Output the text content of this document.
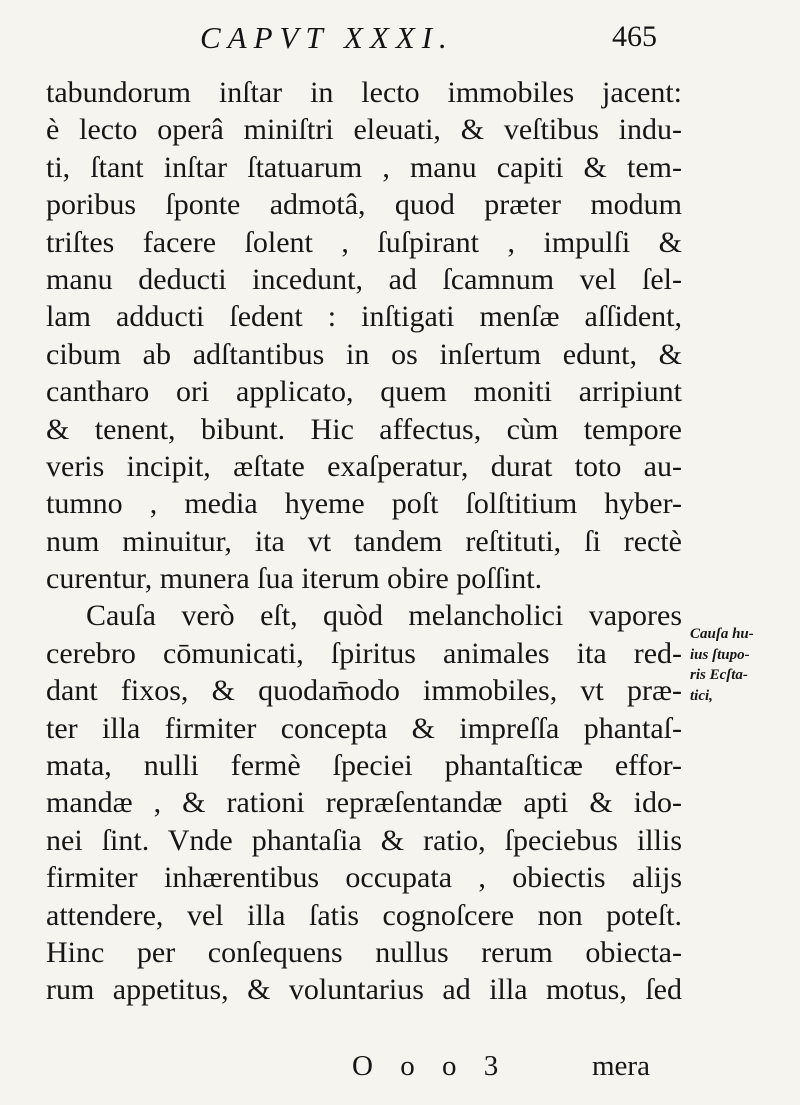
CAPVT XXXI.	465
tabundorum inſtar in lecto immobiles jacent:
è lecto operâ miniſtri eleuati, & veſtibus indu-
ti, ſtant inſtar ſtatuarum , manu capiti & tem-
poribus ſponte admotâ, quod præter modum
triſtes facere ſolent , ſuſpirant , impulſi &
manu deducti incedunt, ad ſcamnum vel ſel-
lam adducti ſedent : inſtigati menſæ aſſident,
cibum ab adſtantibus in os inſertum edunt, &
cantharo ori applicato, quem moniti arripiunt
& tenent, bibunt. Hic affectus, cùm tempore
veris incipit, æſtate exaſperatur, durat toto au-
tumno , media hyeme poſt ſolſtitium hyber-
num minuitur, ita vt tandem reſtituti, ſi rectè
curentur, munera ſua iterum obire poſſint.
Cauſa verò eſt, quòd melancholici vapores
cerebro cōmunicati, ſpiritus animales ita red-
dant fixos, & quodam̄odo immobiles, vt præ-
ter illa firmiter concepta & impreſſa phantaſ-
mata, nulli fermè ſpeciei phantaſticæ effor-
mandæ , & rationi repræſentandæ apti & ido-
nei ſint. Vnde phantaſia & ratio, ſpeciebus illis
firmiter inhærentibus occupata , obiectis alijs
attendere, vel illa ſatis cognoſcere non poteſt.
Hinc per conſequens nullus rerum obiecta-
rum appetitus, & voluntarius ad illa motus, ſed
Cauſa hu-
ius ſtupo-
ris Ecſta-
tici,
O o o 3	mera
